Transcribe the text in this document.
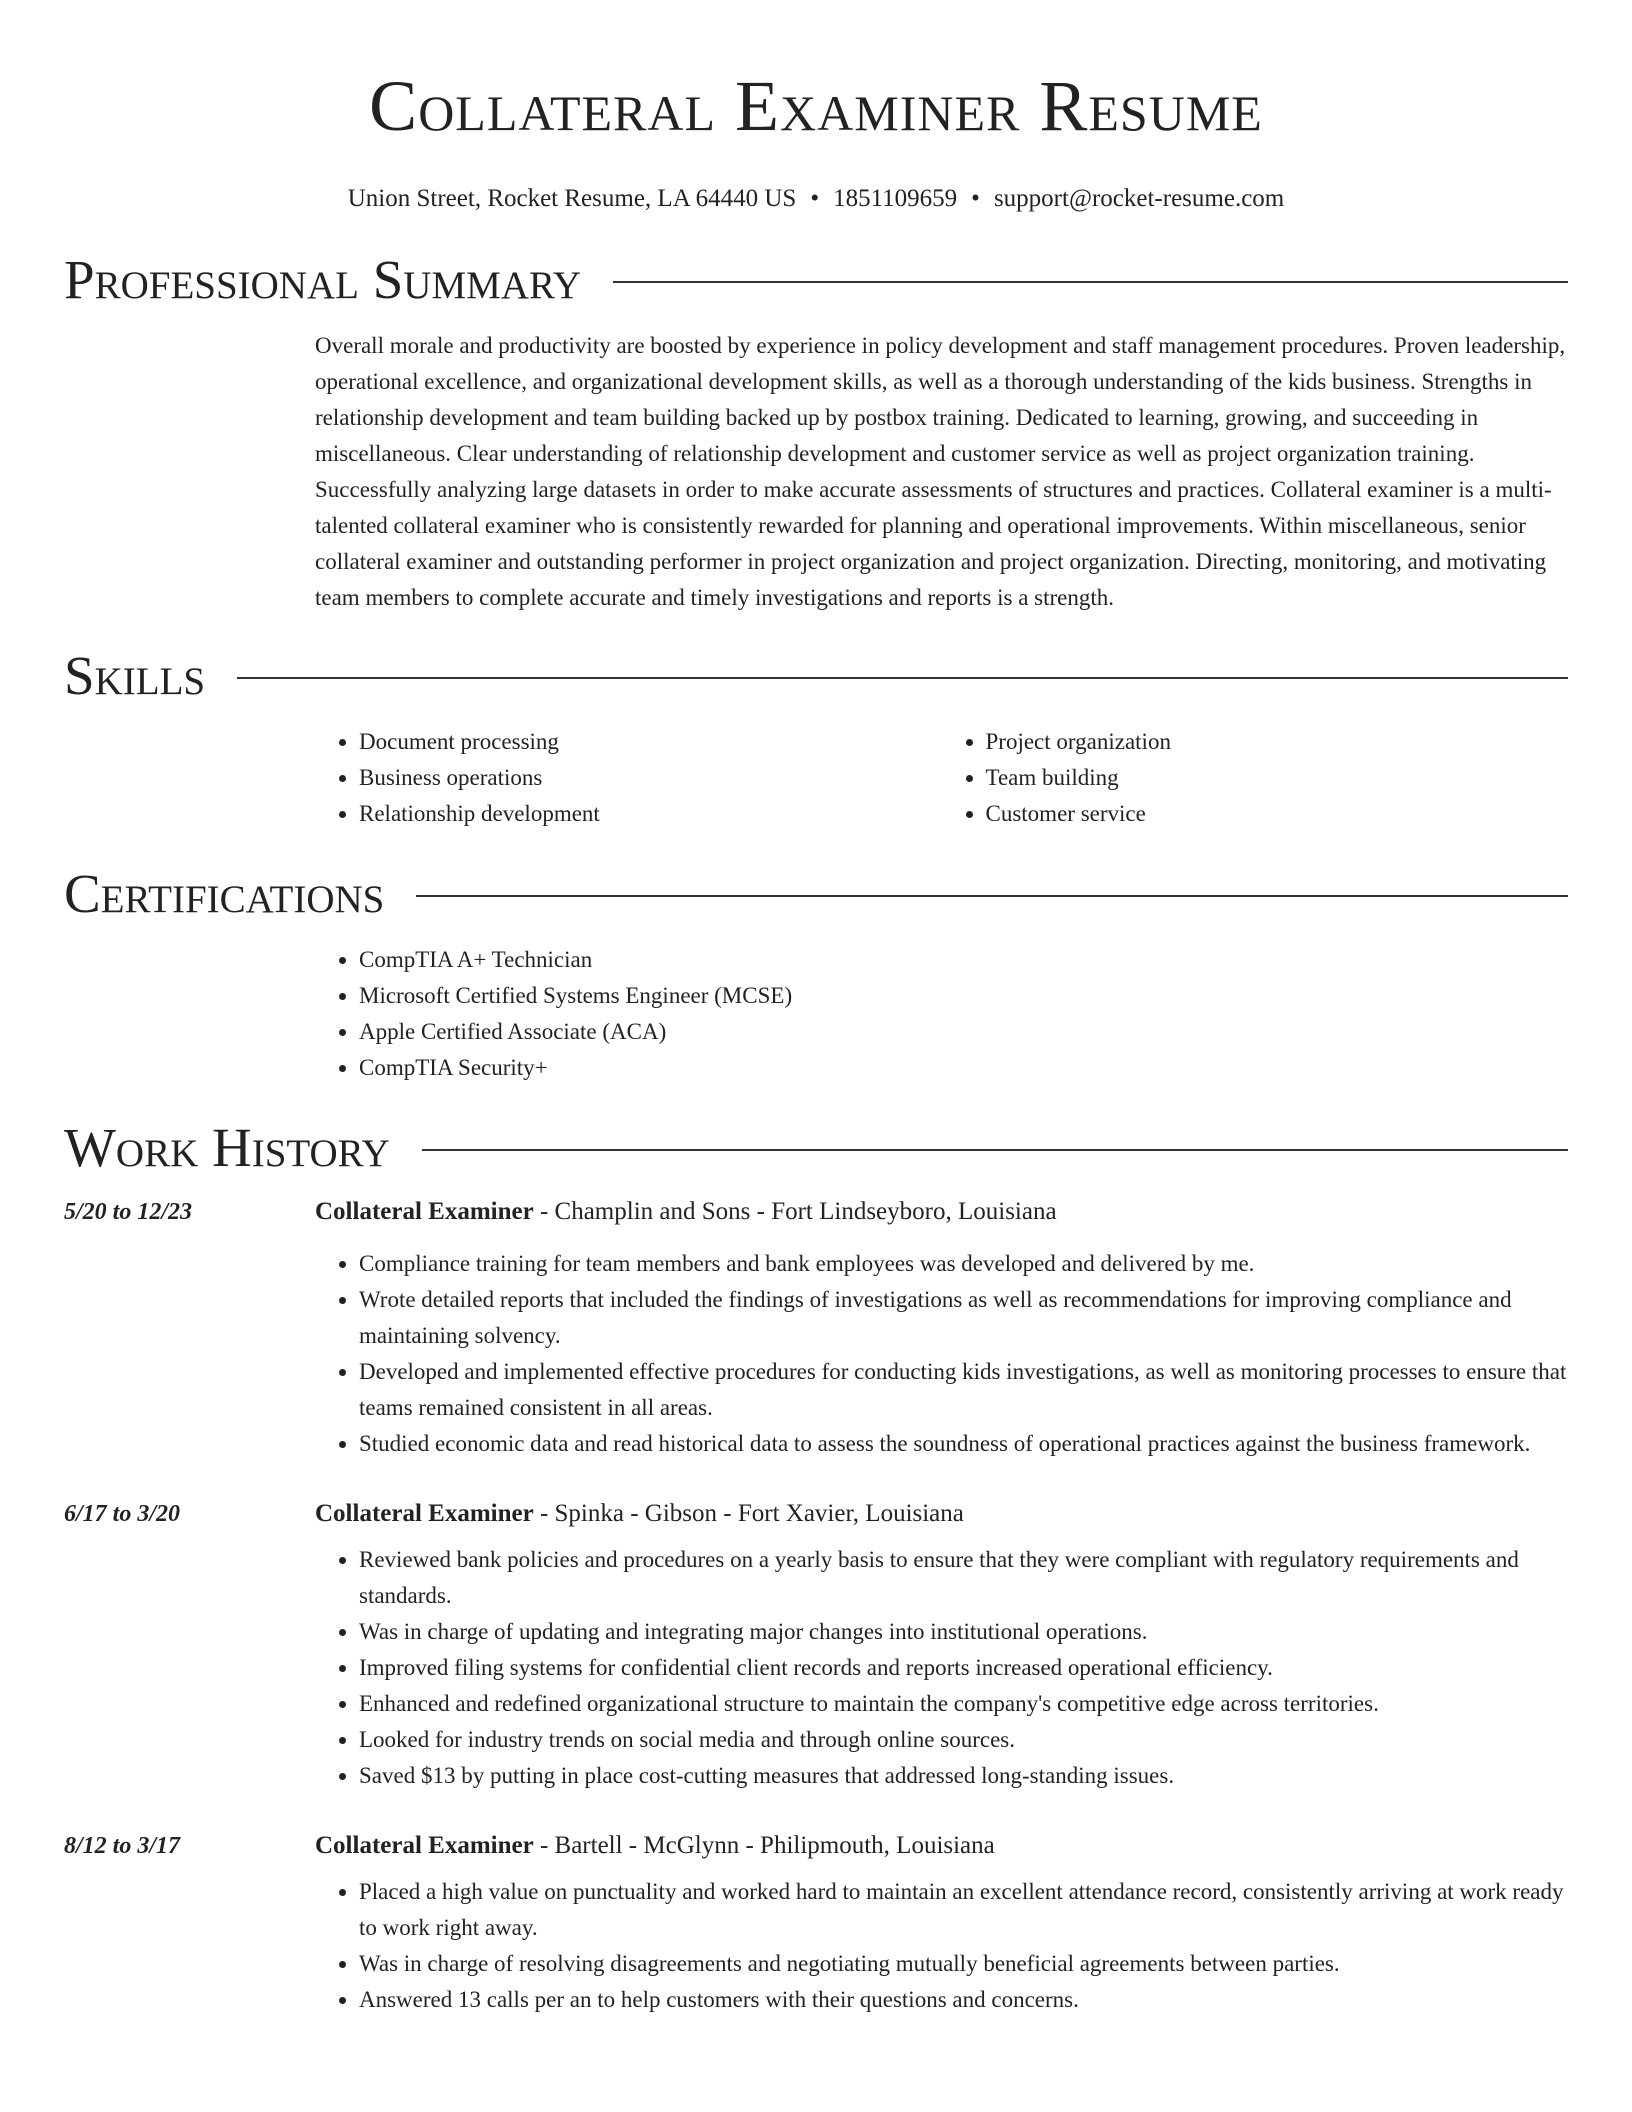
Collateral Examiner Resume
Union Street, Rocket Resume, LA 64440 US • 1851109659 • support@rocket-resume.com
Professional Summary

Overall morale and productivity are boosted by experience in policy development and staff management procedures. Proven leadership, operational excellence, and organizational development skills, as well as a thorough understanding of the kids business. Strengths in relationship development and team building backed up by postbox training. Dedicated to learning, growing, and succeeding in miscellaneous. Clear understanding of relationship development and customer service as well as project organization training. Successfully analyzing large datasets in order to make accurate assessments of structures and practices. Collateral examiner is a multi-talented collateral examiner who is consistently rewarded for planning and operational improvements. Within miscellaneous, senior collateral examiner and outstanding performer in project organization and project organization. Directing, monitoring, and motivating team members to complete accurate and timely investigations and reports is a strength.

Skills
• Document processing
• Business operations
• Relationship development
• Project organization
• Team building
• Customer service
Certifications
• CompTIA A+ Technician
• Microsoft Certified Systems Engineer (MCSE)
• Apple Certified Associate (ACA)
• CompTIA Security+
Work History
5/20 to 12/23	Collateral Examiner - Champlin and Sons - Fort Lindseyboro, Louisiana
• Compliance training for team members and bank employees was developed and delivered by me.
• Wrote detailed reports that included the findings of investigations as well as recommendations for improving compliance and maintaining solvency.
• Developed and implemented effective procedures for conducting kids investigations, as well as monitoring processes to ensure that teams remained consistent in all areas.
• Studied economic data and read historical data to assess the soundness of operational practices against the business framework.
6/17 to 3/20	Collateral Examiner - Spinka - Gibson - Fort Xavier, Louisiana
• Reviewed bank policies and procedures on a yearly basis to ensure that they were compliant with regulatory requirements and standards.
• Was in charge of updating and integrating major changes into institutional operations.
• Improved filing systems for confidential client records and reports increased operational efficiency.
• Enhanced and redefined organizational structure to maintain the company's competitive edge across territories.
• Looked for industry trends on social media and through online sources.
• Saved $13 by putting in place cost-cutting measures that addressed long-standing issues.
8/12 to 3/17	Collateral Examiner - Bartell - McGlynn - Philipmouth, Louisiana
• Placed a high value on punctuality and worked hard to maintain an excellent attendance record, consistently arriving at work ready to work right away.
• Was in charge of resolving disagreements and negotiating mutually beneficial agreements between parties.
• Answered 13 calls per an to help customers with their questions and concerns.
